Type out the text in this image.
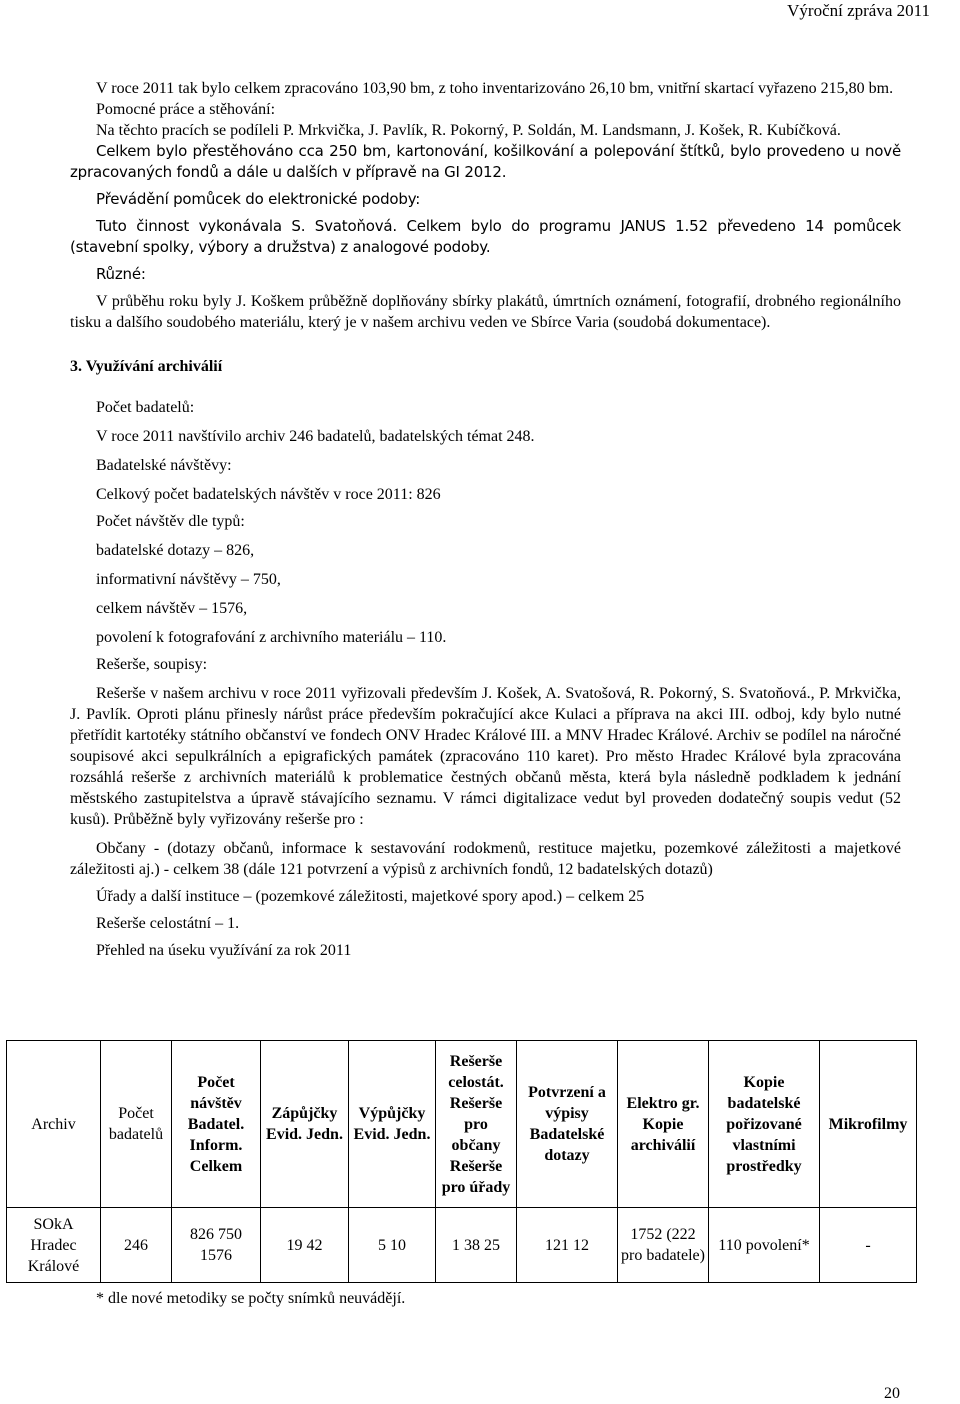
Výroční zpráva 2011

V roce 2011 tak bylo celkem zpracováno 103,90 bm, z toho inventarizováno 26,10 bm, vnitřní skartací vyřazeno 215,80 bm.

Pomocné práce a stěhování:

Na těchto pracích se podíleli P. Mrkvička, J. Pavlík, R. Pokorný, P. Soldán, M. Landsmann, J. Košek, R. Kubíčková.

Celkem bylo přestěhováno cca 250 bm, kartonování, košilkování a polepování štítků, bylo provedeno u nově zpracovaných fondů a dále u dalších v přípravě na GI 2012.

Převádění pomůcek do elektronické podoby:

Tuto činnost vykonávala S. Svatoňová. Celkem bylo do programu JANUS 1.52 převedeno 14 pomůcek (stavební spolky, výbory a družstva) z analogové podoby.

Různé:

V průběhu roku byly J. Koškem průběžně doplňovány sbírky plakátů, úmrtních oznámení, fotografií, drobného regionálního tisku a dalšího soudobého materiálu, který je v našem archivu veden ve Sbírce Varia (soudobá dokumentace).

3. Využívání archiválií

Počet badatelů:

V roce 2011 navštívilo archiv 246 badatelů, badatelských témat 248.

Badatelské návštěvy:

Celkový počet badatelských návštěv v roce 2011: 826

Počet návštěv dle typů:

badatelské dotazy – 826,

informativní návštěvy – 750,

celkem návštěv – 1576,

povolení k fotografování z archivního materiálu – 110.

Rešerše, soupisy:

Rešerše v našem archivu v roce 2011 vyřizovali především J. Košek, A. Svatošová, R. Pokorný, S. Svatoňová., P. Mrkvička, J. Pavlík. Oproti plánu přinesly nárůst práce především pokračující akce Kulaci a příprava na akci III. odboj, kdy bylo nutné přetřídit kartotéky státního občanství ve fondech ONV Hradec Králové III. a MNV Hradec Králové. Archiv se podílel na náročné soupisové akci sepulkrálních a epigrafických památek (zpracováno 110 karet). Pro město Hradec Králové byla zpracována rozsáhlá rešerše z archivních materiálů k problematice čestných občanů města, která byla následně podkladem k jednání městského zastupitelstva a úpravě stávajícího seznamu. V rámci digitalizace vedut byl proveden dodatečný soupis vedut (52 kusů). Průběžně byly vyřizovány rešerše pro :

Občany - (dotazy občanů, informace k sestavování rodokmenů, restituce majetku, pozemkové záležitosti a majetkové záležitosti aj.) - celkem 38 (dále 121 potvrzení a výpisů z archivních fondů, 12 badatelských dotazů)

Úřady a další instituce – (pozemkové záležitosti, majetkové spory apod.) – celkem 25

Rešerše celostátní – 1.

Přehled na úseku využívání za rok 2011

Archiv	Počet badatelů	Počet návštěv Badatel. Inform. Celkem	Zápůjčky Evid. Jedn.	Výpůjčky Evid. Jedn.	Rešerše celostát. Rešerše pro občany Rešerše pro úřady	Potvrzení a výpisy Badatelské dotazy	Elektro gr. Kopie archiválií	Kopie badatelské pořizované vlastními prostředky	Mikrofilmy
SOkA Hradec Králové	246	826 750 1576	19 42	5 10	1 38 25	121 12	1752 (222 pro badatele)	110 povolení*	-
* dle nové metodiky se počty snímků neuvádějí.
20
